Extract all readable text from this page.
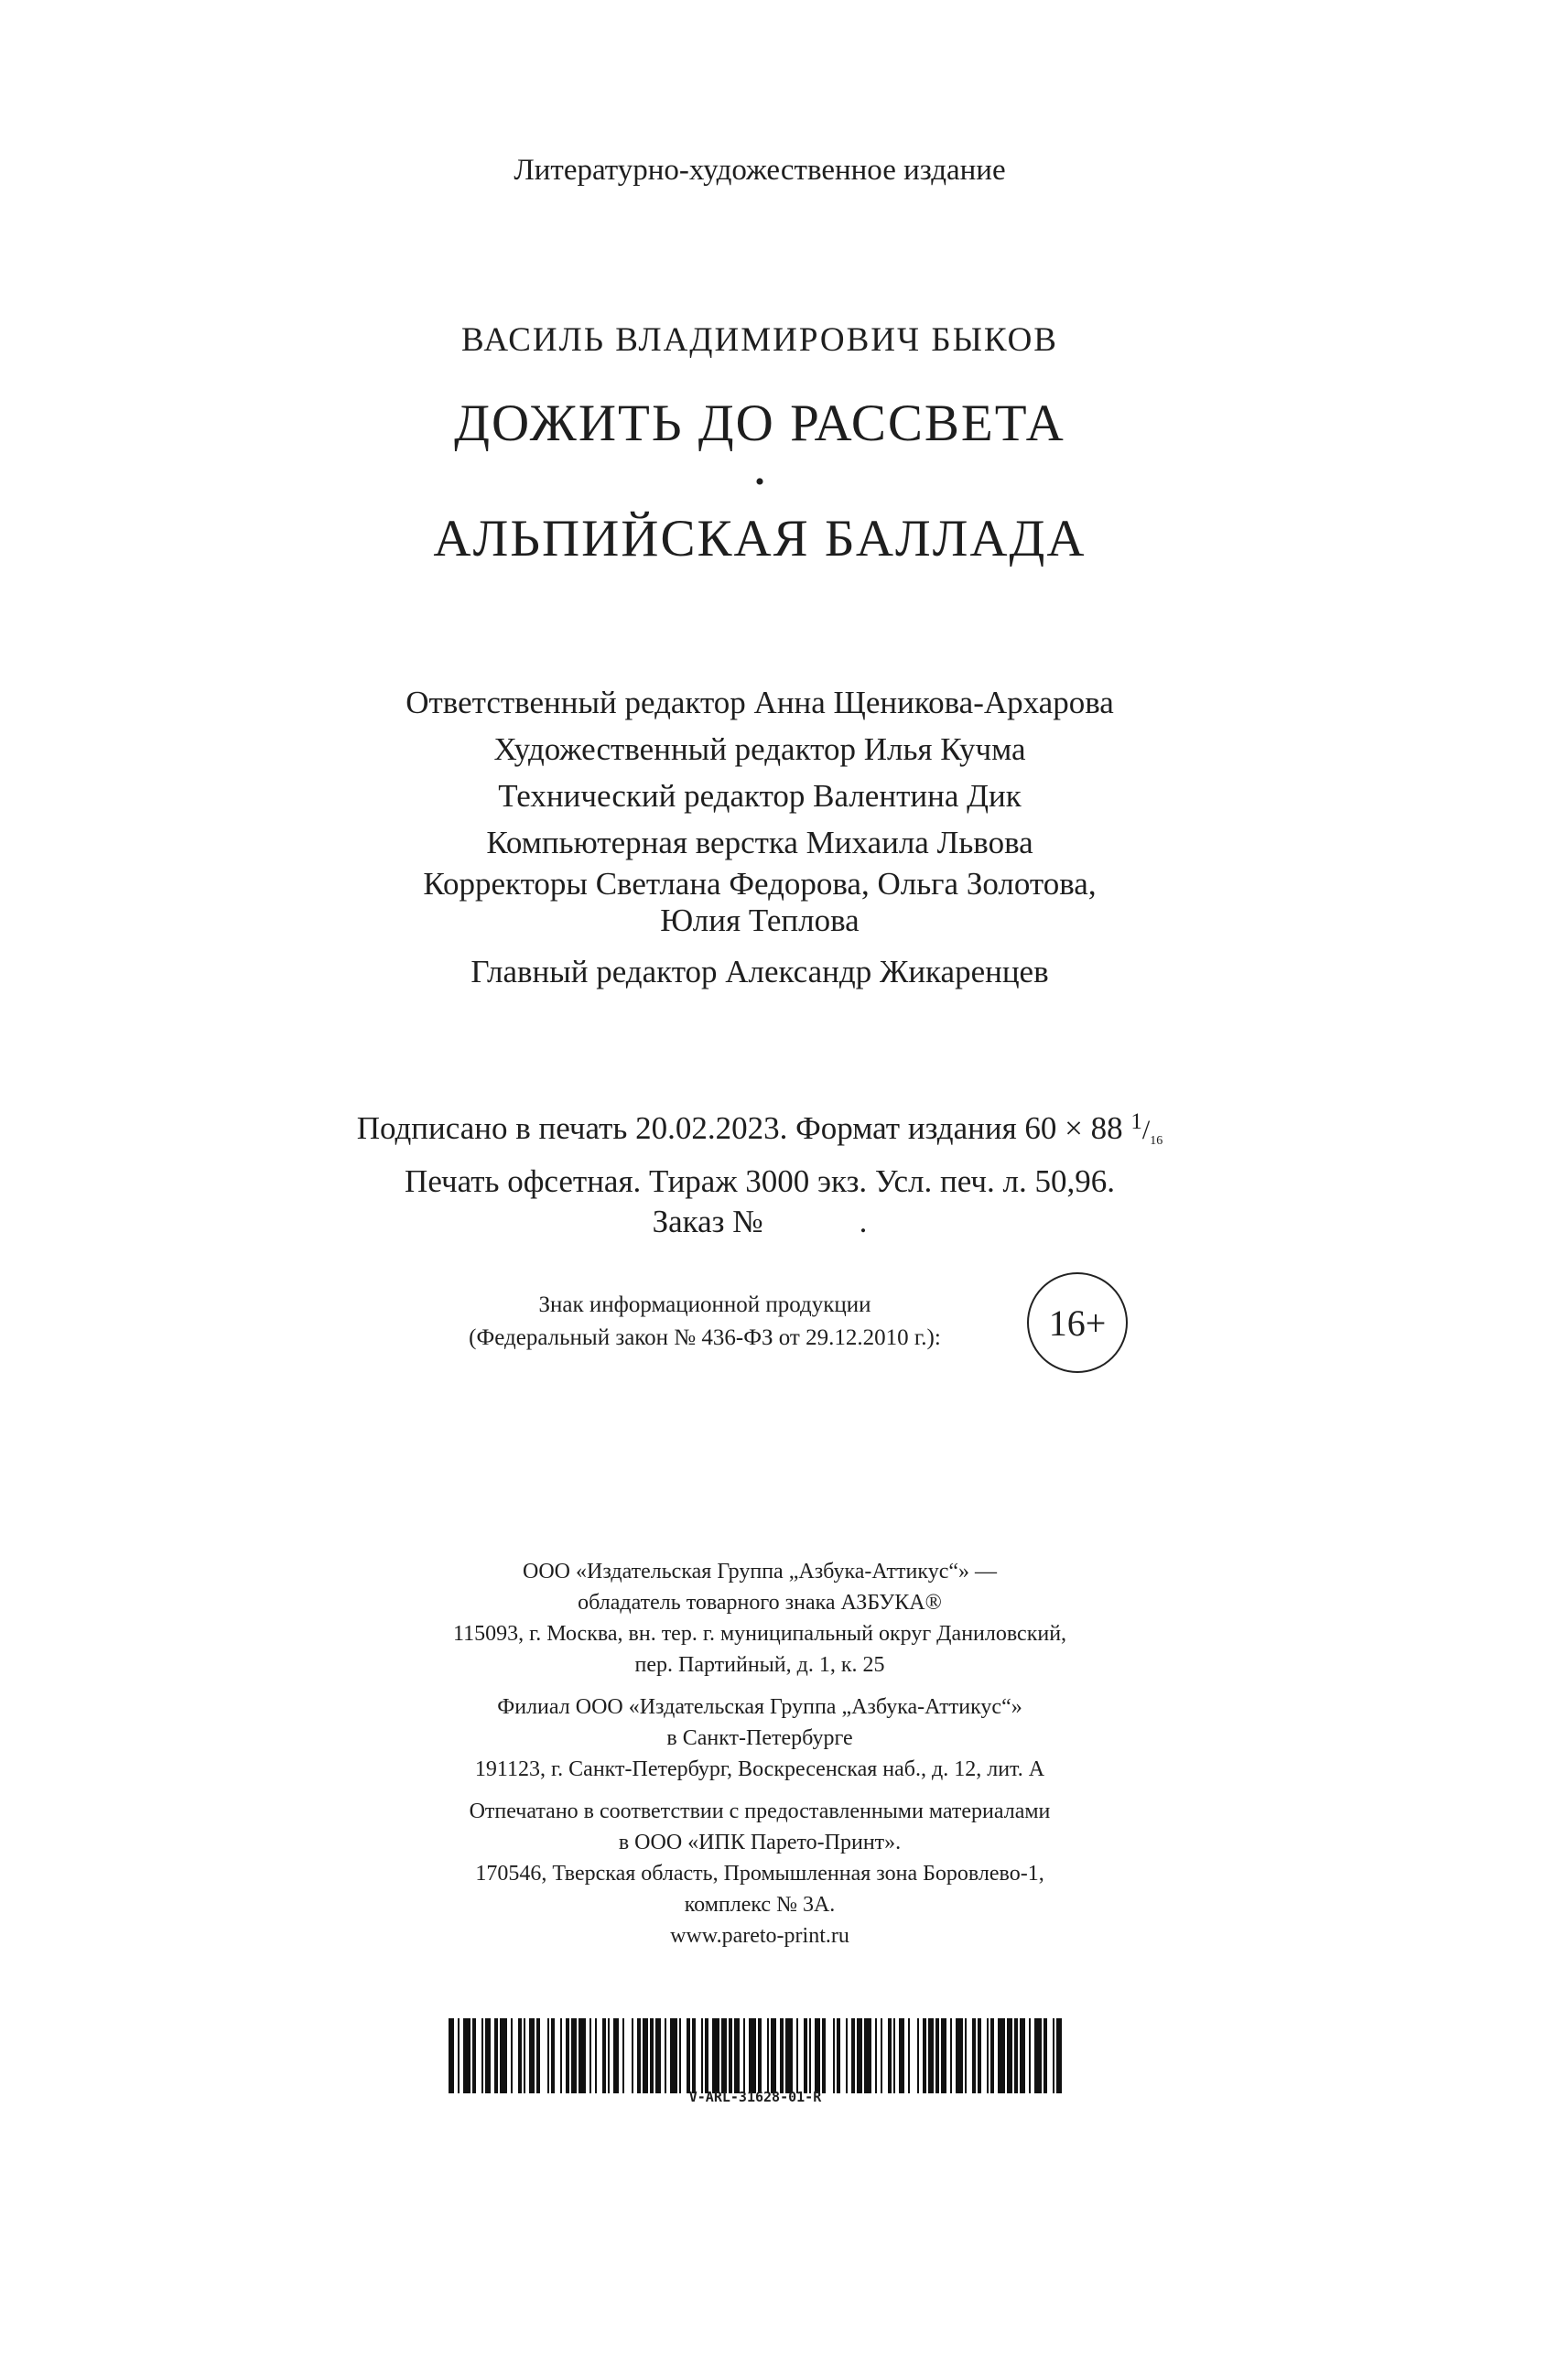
Литературно-художественное издание
ВАСИЛЬ ВЛАДИМИРОВИЧ БЫКОВ
ДОЖИТЬ ДО РАССВЕТА
•
АЛЬПИЙСКАЯ БАЛЛАДА
Ответственный редактор Анна Щеникова-Архарова
Художественный редактор Илья Кучма
Технический редактор Валентина Дик
Компьютерная верстка Михаила Львова
Корректоры Светлана Федорова, Ольга Золотова,
Юлия Теплова
Главный редактор Александр Жикаренцев
Подписано в печать 20.02.2023. Формат издания 60 × 88 $^1/_{16}$
Печать офсетная. Тираж 3000 экз. Усл. печ. л. 50,96.
Заказ №            .
Знак информационной продукции
(Федеральный закон № 436-ФЗ от 29.12.2010 г.):	16+
ООО «Издательская Группа „Азбука-Аттикус“» —
обладатель товарного знака АЗБУКА®
115093, г. Москва, вн. тер. г. муниципальный округ Даниловский,
пер. Партийный, д. 1, к. 25
Филиал ООО «Издательская Группа „Азбука-Аттикус“»
в Санкт-Петербурге
191123, г. Санкт-Петербург, Воскресенская наб., д. 12, лит. А
Отпечатано в соответствии с предоставленными материалами
в ООО «ИПК Парето-Принт».
170546, Тверская область, Промышленная зона Боровлево-1,
комплекс № 3А.
www.pareto-print.ru
V-ARL-31628-01-R
